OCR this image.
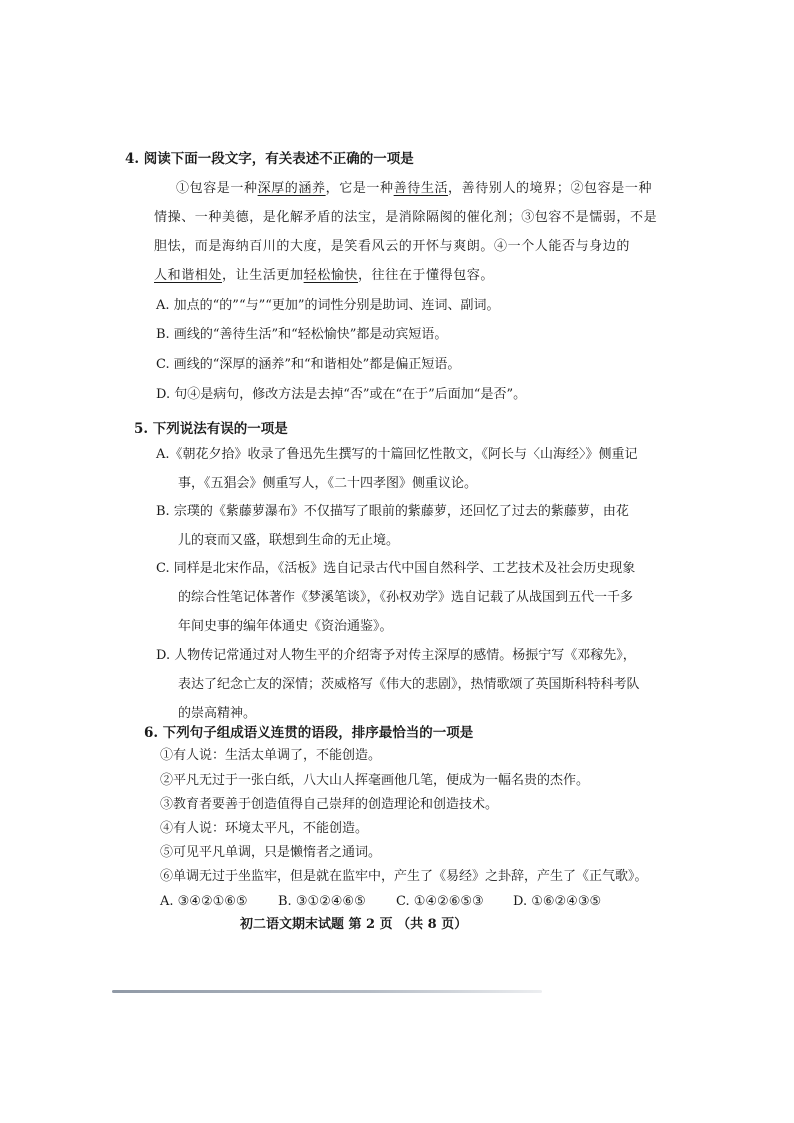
4. 阅读下面一段文字，有关表述不正确的一项是
①包容是一种深厚的涵养，它是一种善待生活，善待别人的境界；②包容是一种
情操、一种美德，是化解矛盾的法宝，是消除隔阂的催化剂；③包容不是懦弱，不是
胆怯，而是海纳百川的大度，是笑看风云的开怀与爽朗。④一个人能否与身边的
人和谐相处，让生活更加轻松愉快，往往在于懂得包容。
A. 加点的“的”“与”“更加”的词性分别是助词、连词、副词。
B. 画线的“善待生活”和“轻松愉快”都是动宾短语。
C. 画线的“深厚的涵养”和“和谐相处”都是偏正短语。
D. 句④是病句，修改方法是去掉“否”或在“在于”后面加“是否”。
5. 下列说法有误的一项是
A.《朝花夕拾》收录了鲁迅先生撰写的十篇回忆性散文，《阿长与〈山海经〉》侧重记
事，《五猖会》侧重写人，《二十四孝图》侧重议论。
B. 宗璞的《紫藤萝瀑布》不仅描写了眼前的紫藤萝，还回忆了过去的紫藤萝，由花
儿的衰而又盛，联想到生命的无止境。
C. 同样是北宋作品，《活板》选自记录古代中国自然科学、工艺技术及社会历史现象
的综合性笔记体著作《梦溪笔谈》，《孙权劝学》选自记载了从战国到五代一千多
年间史事的编年体通史《资治通鉴》。
D. 人物传记常通过对人物生平的介绍寄予对传主深厚的感情。杨振宁写《邓稼先》，
表达了纪念亡友的深情；茨威格写《伟大的悲剧》，热情歌颂了英国斯科特科考队
的崇高精神。
6. 下列句子组成语义连贯的语段，排序最恰当的一项是
①有人说：生活太单调了，不能创造。
②平凡无过于一张白纸，八大山人挥毫画他几笔，便成为一幅名贵的杰作。
③教育者要善于创造值得自己崇拜的创造理论和创造技术。
④有人说：环境太平凡，不能创造。
⑤可见平凡单调，只是懒惰者之通词。
⑥单调无过于坐监牢，但是就在监牢中，产生了《易经》之卦辞，产生了《正气歌》。
A. ③④②①⑥⑤ B. ③①②④⑥⑤ C. ①④②⑥⑤③ D. ①⑥②④③⑤
初二语文期末试题 第 2 页 （共 8 页）
